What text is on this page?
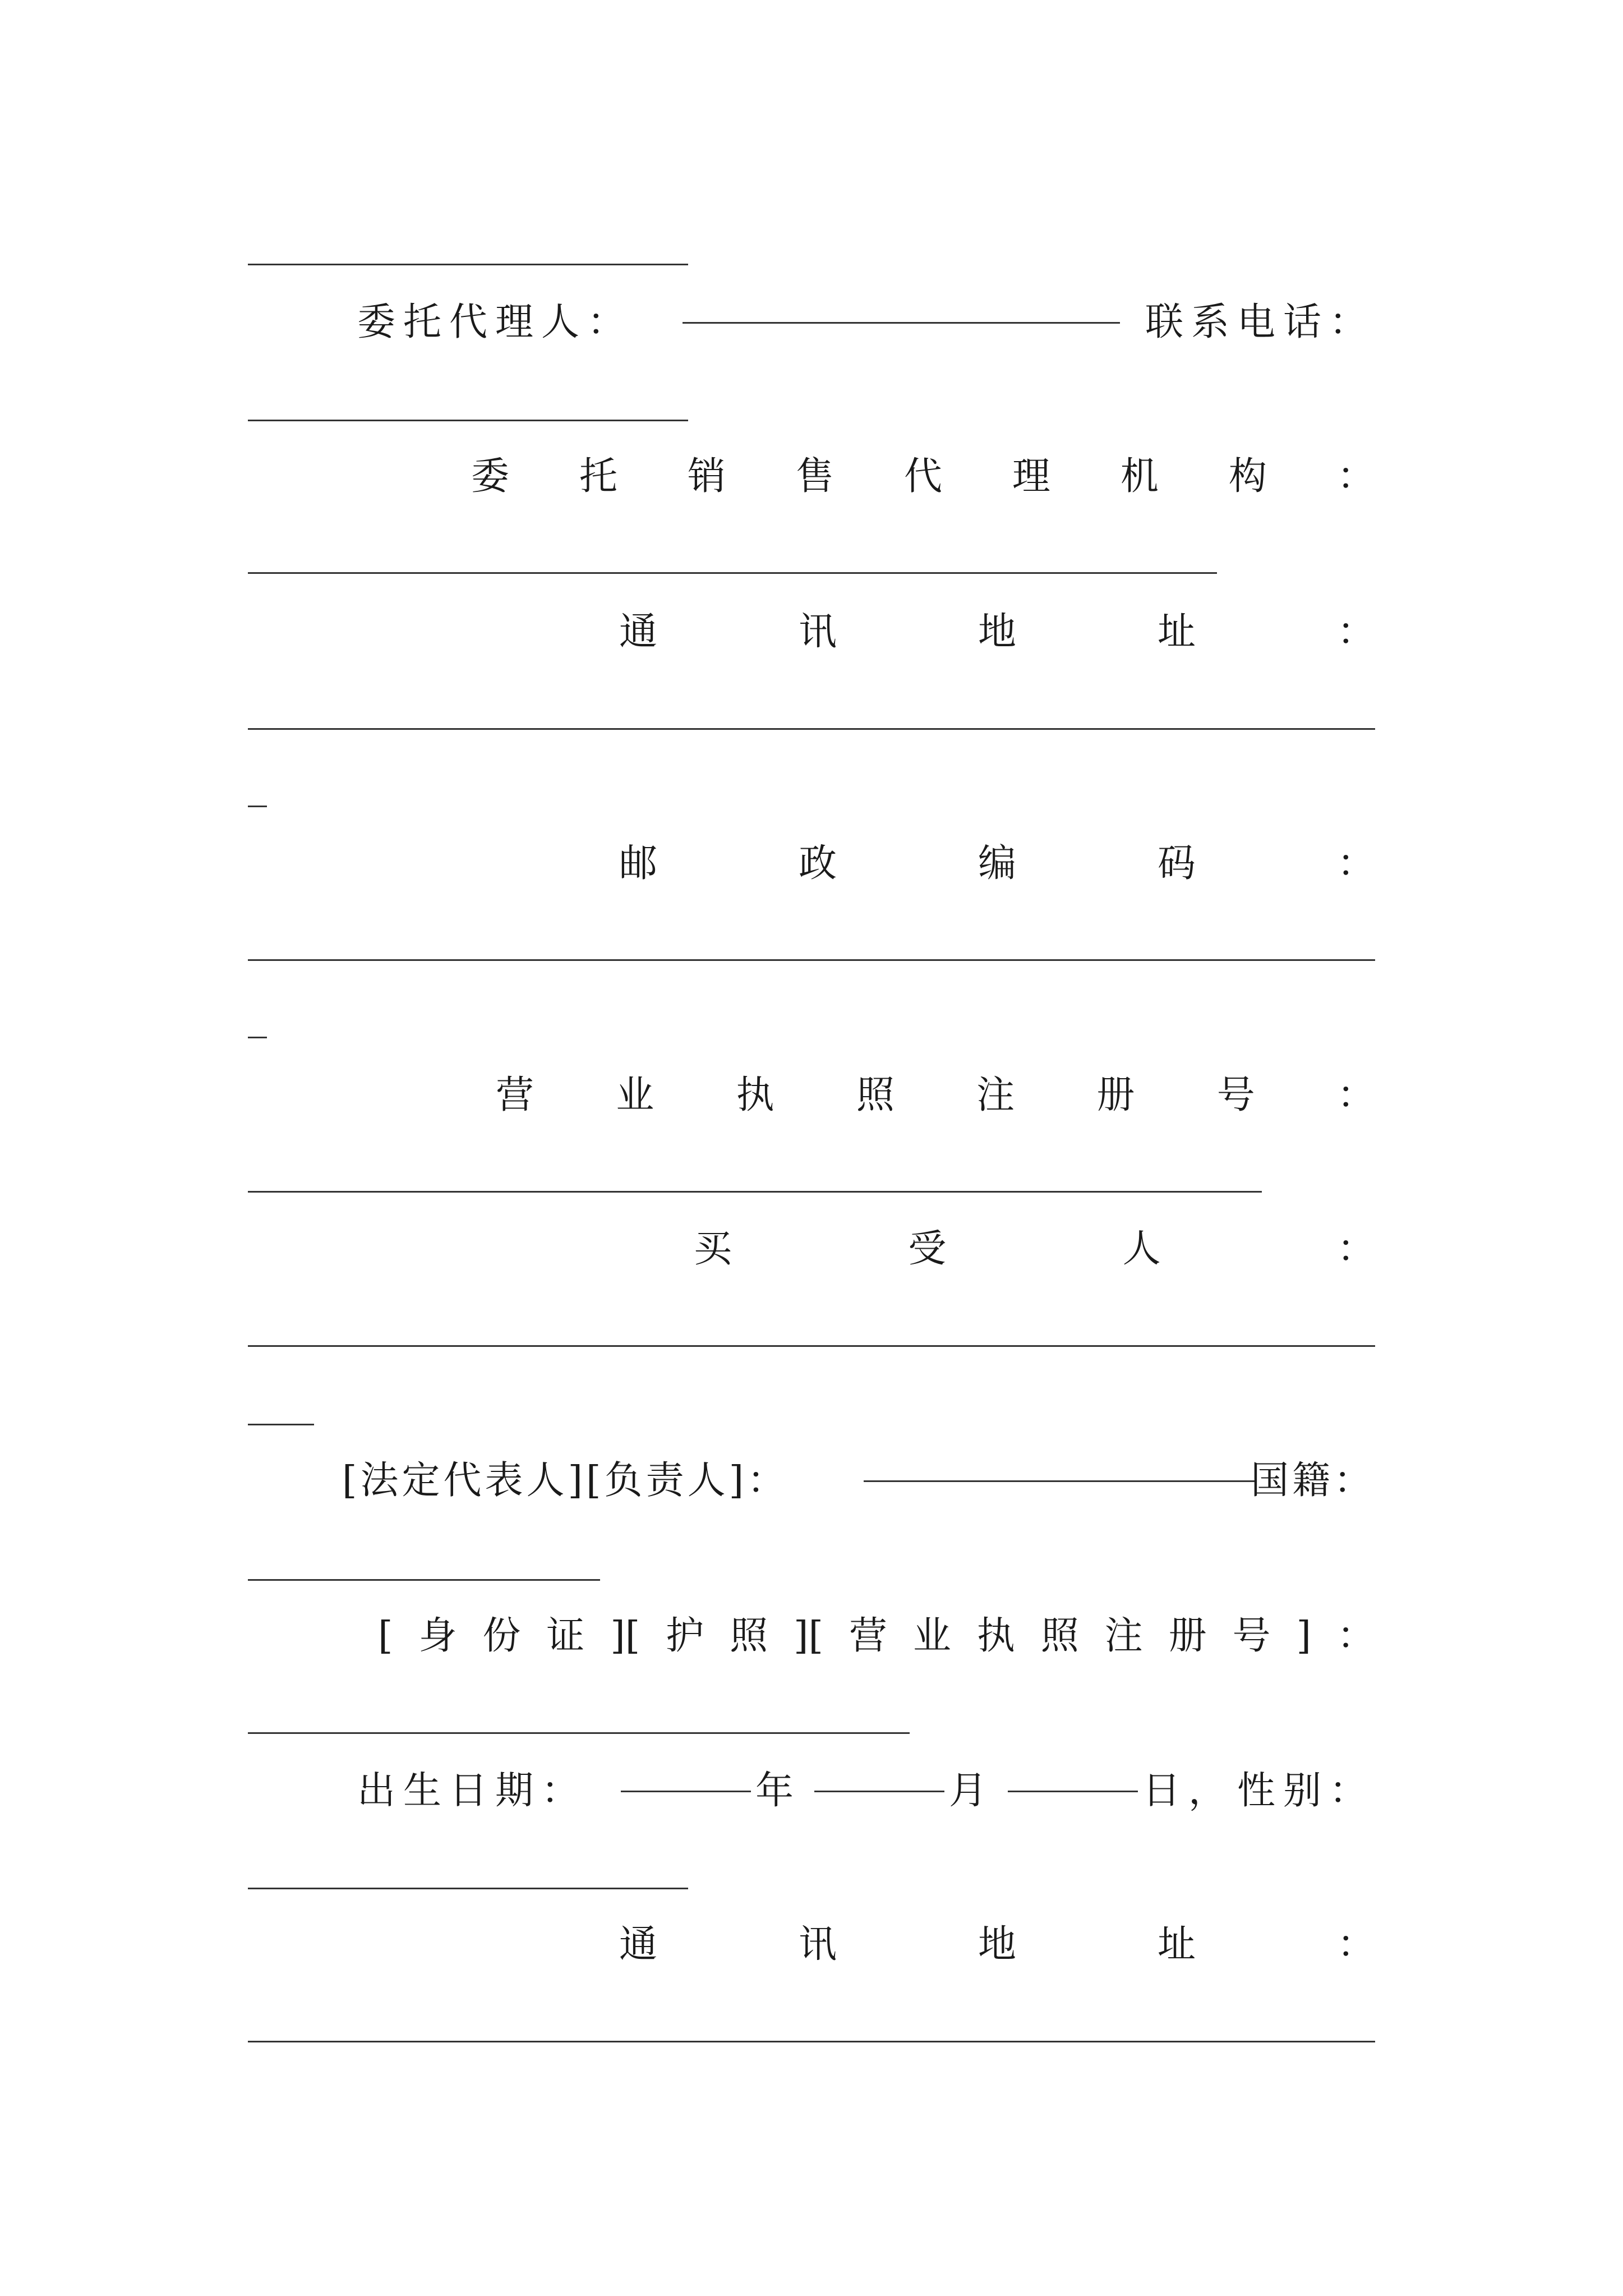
委托代理人：	联系电话：
委 托 销 售 代 理 机 构 ：
通	讯	地	址	：
邮	政	编	码	：
营 业 执 照 注 册 号 ：
买	受	人	：
[法定代表人][负责人]：	国籍：
[ 身 份 证 ][ 护 照 ][ 营 业 执 照 注 册 号 ] ：
出生日期：	年	月	日， 性别：
通	讯	地	址	：
